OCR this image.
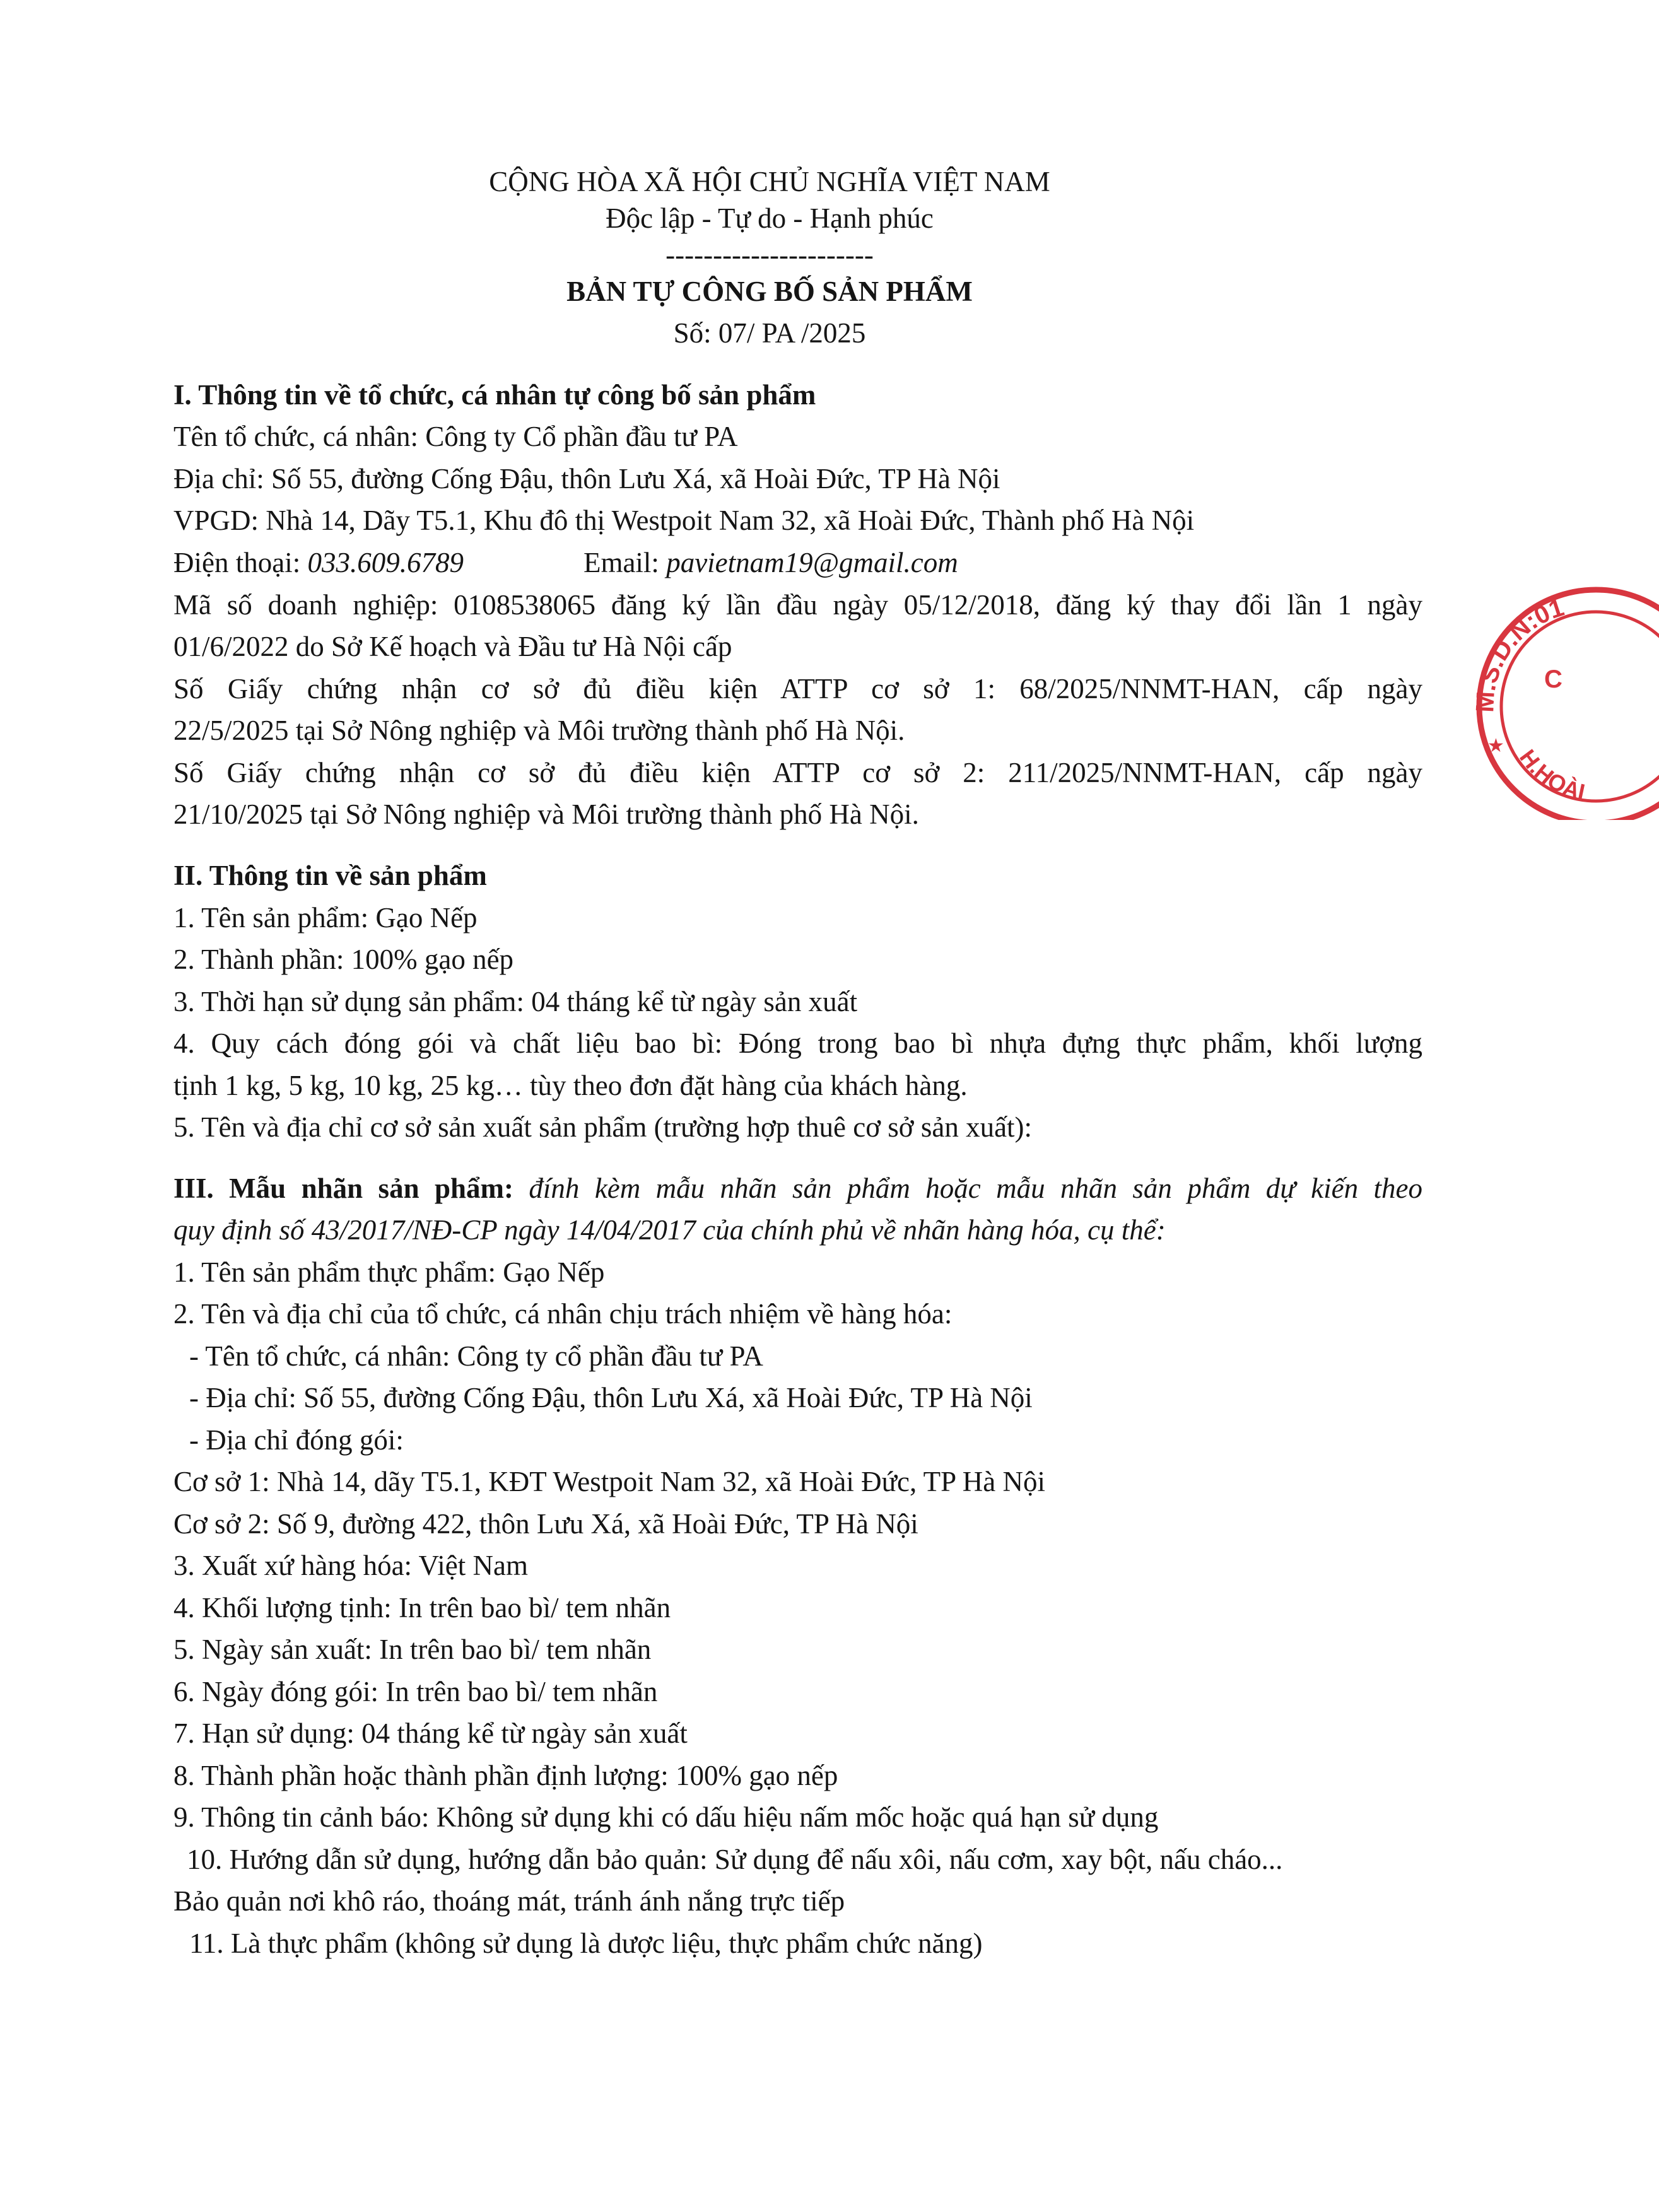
CỘNG HÒA XÃ HỘI CHỦ NGHĨA VIỆT NAM
Độc lập - Tự do - Hạnh phúc
----------------------
BẢN TỰ CÔNG BỐ SẢN PHẨM
Số: 07/ PA /2025
I. Thông tin về tổ chức, cá nhân tự công bố sản phẩm
Tên tổ chức, cá nhân: Công ty Cổ phần đầu tư PA
Địa chỉ: Số 55, đường Cống Đậu, thôn Lưu Xá, xã Hoài Đức, TP Hà Nội
VPGD: Nhà 14, Dãy T5.1, Khu đô thị Westpoit Nam 32, xã Hoài Đức, Thành phố Hà Nội
Điện thoại: 033.609.6789	Email: pavietnam19@gmail.com
Mã số doanh nghiệp: 0108538065 đăng ký lần đầu ngày 05/12/2018, đăng ký thay đổi lần 1 ngày
01/6/2022 do Sở Kế hoạch và Đầu tư Hà Nội cấp
Số Giấy chứng nhận cơ sở đủ điều kiện ATTP cơ sở 1: 68/2025/NNMT-HAN, cấp ngày
22/5/2025 tại Sở Nông nghiệp và Môi trường thành phố Hà Nội.
Số Giấy chứng nhận cơ sở đủ điều kiện ATTP cơ sở 2: 211/2025/NNMT-HAN, cấp ngày
21/10/2025 tại Sở Nông nghiệp và Môi trường thành phố Hà Nội.
II. Thông tin về sản phẩm
1. Tên sản phẩm: Gạo Nếp
2. Thành phần: 100% gạo nếp
3. Thời hạn sử dụng sản phẩm: 04 tháng kể từ ngày sản xuất
4. Quy cách đóng gói và chất liệu bao bì: Đóng trong bao bì nhựa đựng thực phẩm, khối lượng
tịnh 1 kg, 5 kg, 10 kg, 25 kg… tùy theo đơn đặt hàng của khách hàng.
5. Tên và địa chỉ cơ sở sản xuất sản phẩm (trường hợp thuê cơ sở sản xuất):
III. Mẫu nhãn sản phẩm: đính kèm mẫu nhãn sản phẩm hoặc mẫu nhãn sản phẩm dự kiến theo
quy định số 43/2017/NĐ-CP ngày 14/04/2017 của chính phủ về nhãn hàng hóa, cụ thể:
1. Tên sản phẩm thực phẩm: Gạo Nếp
2. Tên và địa chỉ của tổ chức, cá nhân chịu trách nhiệm về hàng hóa:
- Tên tổ chức, cá nhân: Công ty cổ phần đầu tư PA
- Địa chỉ: Số 55, đường Cống Đậu, thôn Lưu Xá, xã Hoài Đức, TP Hà Nội
- Địa chỉ đóng gói:
Cơ sở 1: Nhà 14, dãy T5.1, KĐT Westpoit Nam 32, xã Hoài Đức, TP Hà Nội
Cơ sở 2: Số 9, đường 422, thôn Lưu Xá, xã Hoài Đức, TP Hà Nội
3. Xuất xứ hàng hóa: Việt Nam
4. Khối lượng tịnh: In trên bao bì/ tem nhãn
5. Ngày sản xuất: In trên bao bì/ tem nhãn
6. Ngày đóng gói: In trên bao bì/ tem nhãn
7. Hạn sử dụng: 04 tháng kể từ ngày sản xuất
8. Thành phần hoặc thành phần định lượng: 100% gạo nếp
9. Thông tin cảnh báo: Không sử dụng khi có dấu hiệu nấm mốc hoặc quá hạn sử dụng
10. Hướng dẫn sử dụng, hướng dẫn bảo quản: Sử dụng để nấu xôi, nấu cơm, xay bột, nấu cháo...
Bảo quản nơi khô ráo, thoáng mát, tránh ánh nắng trực tiếp
11. Là thực phẩm (không sử dụng là dược liệu, thực phẩm chức năng)
M.S.D.N:01
H.HOÀI
★
C
